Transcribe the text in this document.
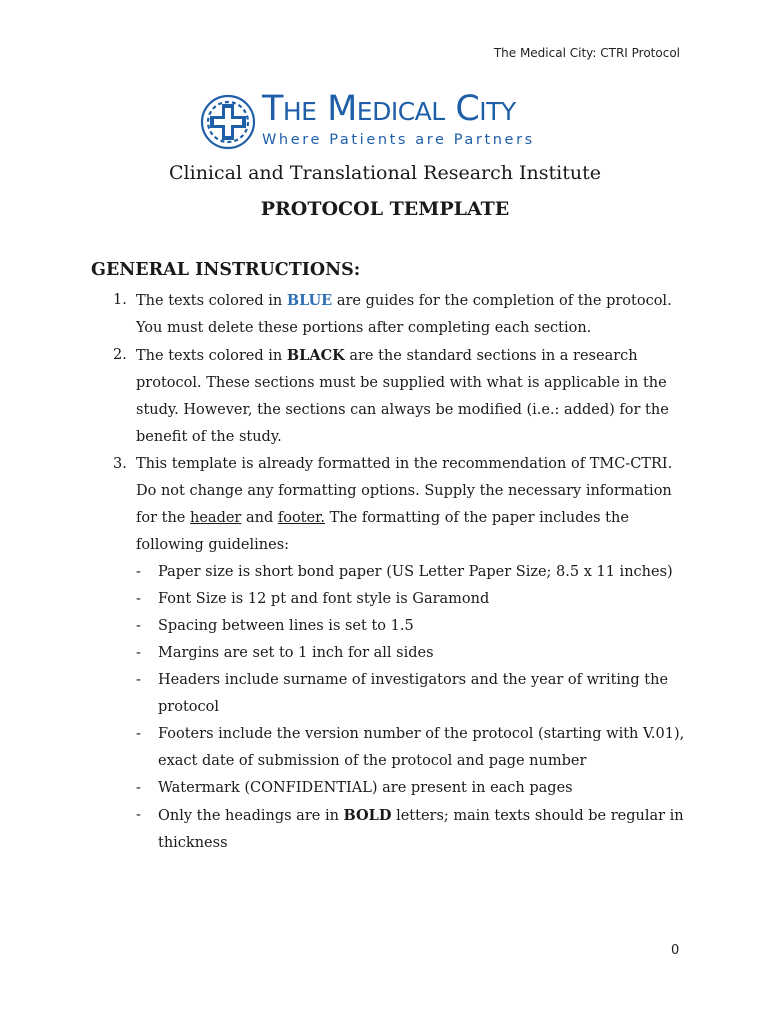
The Medical City: CTRI Protocol
The Medical City
Where Patients are Partners
Clinical and Translational Research Institute
PROTOCOL TEMPLATE
GENERAL INSTRUCTIONS:
1. The texts colored in BLUE are guides for the completion of the protocol. You must delete these portions after completing each section.
2. The texts colored in BLACK are the standard sections in a research protocol. These sections must be supplied with what is applicable in the study. However, the sections can always be modified (i.e.: added) for the benefit of the study.
3. This template is already formatted in the recommendation of TMC-CTRI. Do not change any formatting options. Supply the necessary information for the header and footer. The formatting of the paper includes the following guidelines:
- Paper size is short bond paper (US Letter Paper Size; 8.5 x 11 inches)
- Font Size is 12 pt and font style is Garamond
- Spacing between lines is set to 1.5
- Margins are set to 1 inch for all sides
- Headers include surname of investigators and the year of writing the protocol
- Footers include the version number of the protocol (starting with V.01), exact date of submission of the protocol and page number
- Watermark (CONFIDENTIAL) are present in each pages
- Only the headings are in BOLD letters; main texts should be regular in thickness
0
